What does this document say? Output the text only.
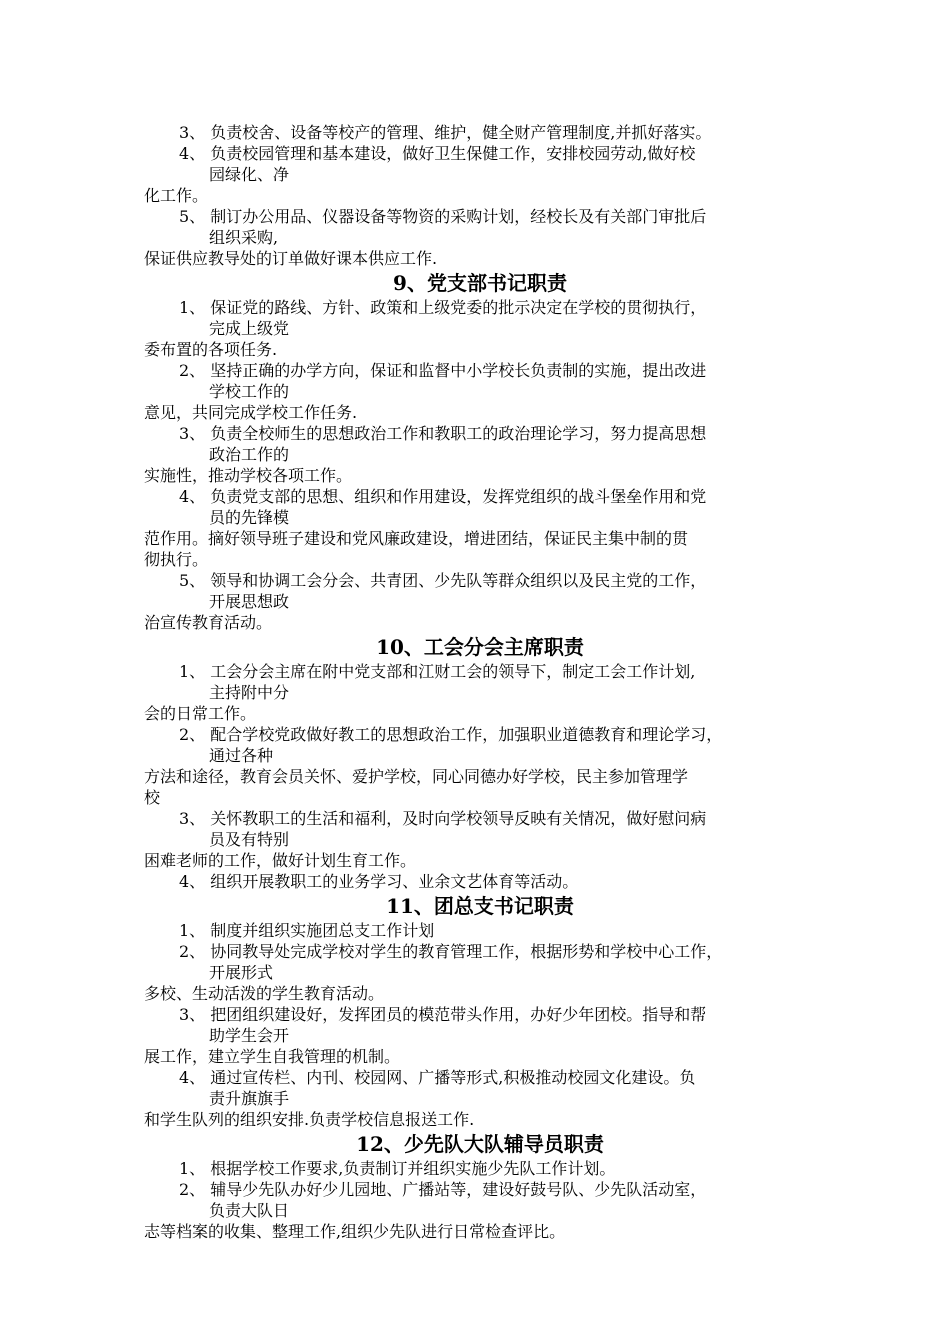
3、 负责校舍、设备等校产的管理、维护，健全财产管理制度,并抓好落实。
4、 负责校园管理和基本建设，做好卫生保健工作，安排校园劳动,做好校
园绿化、净
化工作。
5、 制订办公用品、仪器设备等物资的采购计划，经校长及有关部门审批后
组织采购,
保证供应教导处的订单做好课本供应工作.
9、党支部书记职责
1、 保证党的路线、方针、政策和上级党委的批示决定在学校的贯彻执行，
完成上级党
委布置的各项任务.
2、 坚持正确的办学方向，保证和监督中小学校长负责制的实施，提出改进
学校工作的
意见，共同完成学校工作任务.
3、 负责全校师生的思想政治工作和教职工的政治理论学习，努力提高思想
政治工作的
实施性，推动学校各项工作。
4、 负责党支部的思想、组织和作用建设，发挥党组织的战斗堡垒作用和党
员的先锋模
范作用。摘好领导班子建设和党风廉政建设，增进团结，保证民主集中制的贯
彻执行。
5、 领导和协调工会分会、共青团、少先队等群众组织以及民主党的工作，
开展思想政
治宣传教育活动。
10、工会分会主席职责
1、 工会分会主席在附中党支部和江财工会的领导下，制定工会工作计划,
主持附中分
会的日常工作。
2、 配合学校党政做好教工的思想政治工作，加强职业道德教育和理论学习，
通过各种
方法和途径，教育会员关怀、爱护学校，同心同德办好学校，民主参加管理学
校
3、 关怀教职工的生活和福利，及时向学校领导反映有关情况，做好慰问病
员及有特别
困难老师的工作，做好计划生育工作。
4、 组织开展教职工的业务学习、业余文艺体育等活动。
11、团总支书记职责
1、 制度并组织实施团总支工作计划
2、 协同教导处完成学校对学生的教育管理工作，根据形势和学校中心工作，
开展形式
多校、生动活泼的学生教育活动。
3、 把团组织建设好，发挥团员的模范带头作用，办好少年团校。指导和帮
助学生会开
展工作，建立学生自我管理的机制。
4、 通过宣传栏、内刊、校园网、广播等形式,积极推动校园文化建设。负
责升旗旗手
和学生队列的组织安排.负责学校信息报送工作.
12、少先队大队辅导员职责
1、 根据学校工作要求,负责制订并组织实施少先队工作计划。
2、 辅导少先队办好少儿园地、广播站等，建设好鼓号队、少先队活动室，
负责大队日
志等档案的收集、整理工作,组织少先队进行日常检查评比。
